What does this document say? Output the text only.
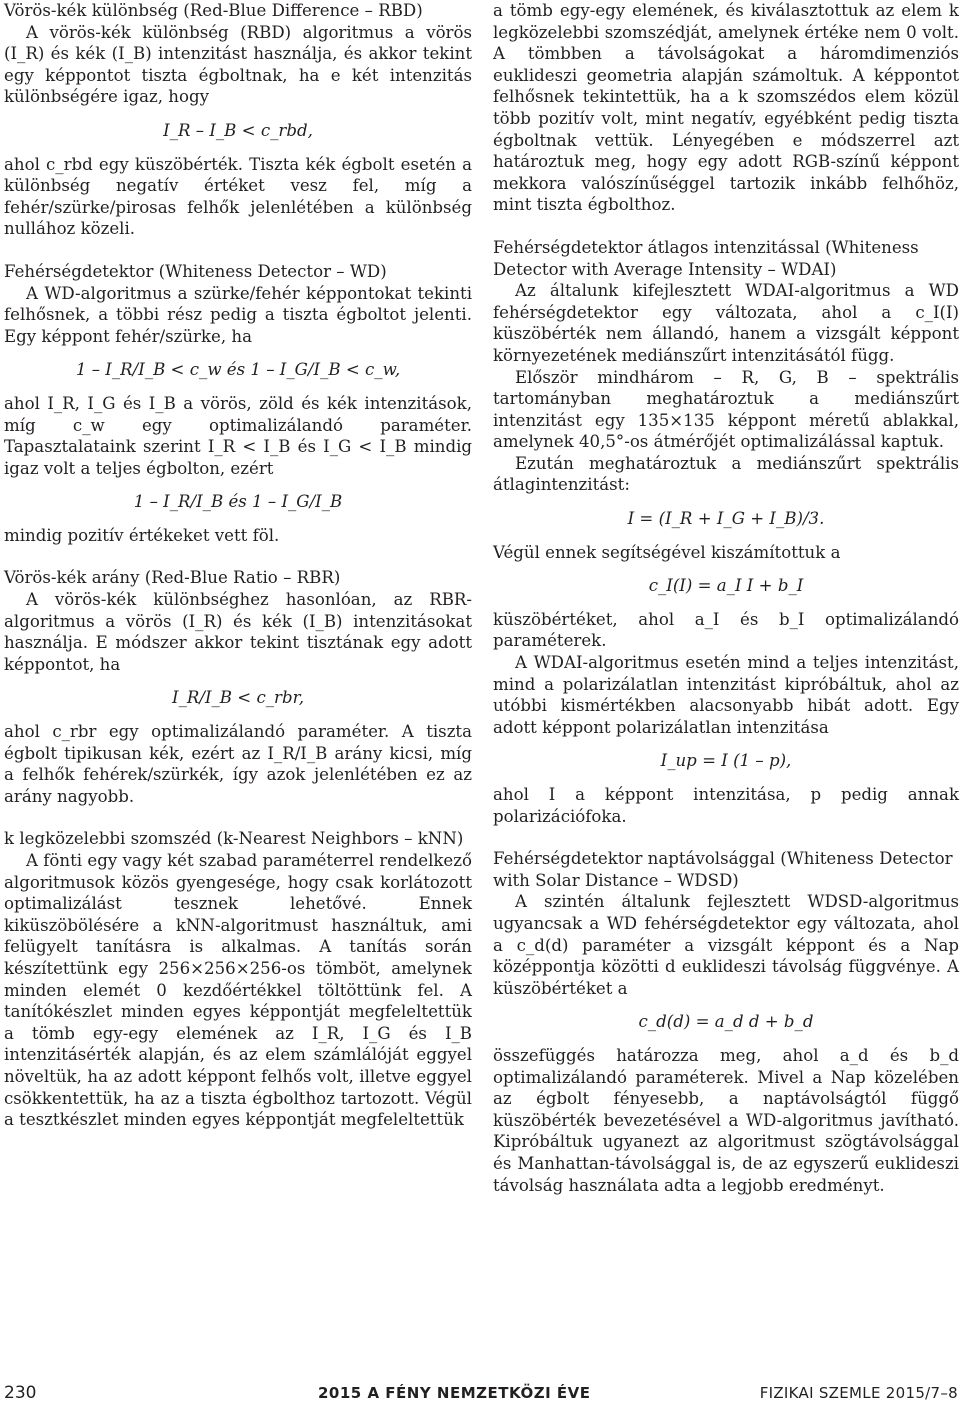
Vörös-kék különbség (Red-Blue Difference – RBD)

A vörös-kék különbség (RBD) algoritmus a vörös (I_R) és kék (I_B) intenzitást használja, és akkor tekint egy képpontot tiszta égboltnak, ha e két intenzitás különbségére igaz, hogy

I_R – I_B < c_rbd,

ahol c_rbd egy küszöbérték. Tiszta kék égbolt esetén a különbség negatív értéket vesz fel, míg a fehér/szürke/pirosas felhők jelenlétében a különbség nullához közeli.

Fehérségdetektor (Whiteness Detector – WD)

A WD-algoritmus a szürke/fehér képpontokat tekinti felhősnek, a többi rész pedig a tiszta égboltot jelenti. Egy képpont fehér/szürke, ha

1 – I_R/I_B < c_w és 1 – I_G/I_B < c_w,

ahol I_R, I_G és I_B a vörös, zöld és kék intenzitások, míg c_w egy optimalizálandó paraméter. Tapasztalataink szerint I_R < I_B és I_G < I_B mindig igaz volt a teljes égbolton, ezért

1 – I_R/I_B és 1 – I_G/I_B

mindig pozitív értékeket vett föl.

Vörös-kék arány (Red-Blue Ratio – RBR)

A vörös-kék különbséghez hasonlóan, az RBR-algoritmus a vörös (I_R) és kék (I_B) intenzitásokat használja. E módszer akkor tekint tisztának egy adott képpontot, ha

I_R/I_B < c_rbr,

ahol c_rbr egy optimalizálandó paraméter. A tiszta égbolt tipikusan kék, ezért az I_R/I_B arány kicsi, míg a felhők fehérek/szürkék, így azok jelenlétében ez az arány nagyobb.

k legközelebbi szomszéd (k-Nearest Neighbors – kNN)

A fönti egy vagy két szabad paraméterrel rendelkező algoritmusok közös gyengesége, hogy csak korlátozott optimalizálást tesznek lehetővé. Ennek kiküszöbölésére a kNN-algoritmust használtuk, ami felügyelt tanításra is alkalmas. A tanítás során készítettünk egy 256×256×256-os tömböt, amelynek minden elemét 0 kezdőértékkel töltöttünk fel. A tanítókészlet minden egyes képpontját megfeleltettük a tömb egy-egy elemének az I_R, I_G és I_B intenzitásérték alapján, és az elem számlálóját eggyel növeltük, ha az adott képpont felhős volt, illetve eggyel csökkentettük, ha az a tiszta égbolthoz tartozott. Végül a tesztkészlet minden egyes képpontját megfeleltettük

a tömb egy-egy elemének, és kiválasztottuk az elem k legközelebbi szomszédját, amelynek értéke nem 0 volt. A tömbben a távolságokat a háromdimenziós euklideszi geometria alapján számoltuk. A képpontot felhősnek tekintettük, ha a k szomszédos elem közül több pozitív volt, mint negatív, egyébként pedig tiszta égboltnak vettük. Lényegében e módszerrel azt határoztuk meg, hogy egy adott RGB-színű képpont mekkora valószínűséggel tartozik inkább felhőhöz, mint tiszta égbolthoz.

Fehérségdetektor átlagos intenzitással (Whiteness Detector with Average Intensity – WDAI)

Az általunk kifejlesztett WDAI-algoritmus a WD fehérségdetektor egy változata, ahol a c_I(I) küszöbérték nem állandó, hanem a vizsgált képpont környezetének mediánszűrt intenzitásától függ.

Először mindhárom – R, G, B – spektrális tartományban meghatároztuk a mediánszűrt intenzitást egy 135×135 képpont méretű ablakkal, amelynek 40,5°-os átmérőjét optimalizálással kaptuk.

Ezután meghatároztuk a mediánszűrt spektrális átlagintenzitást:

I = (I_R + I_G + I_B)/3.

Végül ennek segítségével kiszámítottuk a

c_I(I) = a_I I + b_I

küszöbértéket, ahol a_I és b_I optimalizálandó paraméterek.

A WDAI-algoritmus esetén mind a teljes intenzitást, mind a polarizálatlan intenzitást kipróbáltuk, ahol az utóbbi kismértékben alacsonyabb hibát adott. Egy adott képpont polarizálatlan intenzitása

I_up = I (1 – p),

ahol I a képpont intenzitása, p pedig annak polarizációfoka.

Fehérségdetektor naptávolsággal (Whiteness Detector with Solar Distance – WDSD)

A szintén általunk fejlesztett WDSD-algoritmus ugyancsak a WD fehérségdetektor egy változata, ahol a c_d(d) paraméter a vizsgált képpont és a Nap középpontja közötti d euklideszi távolság függvénye. A küszöbértéket a

c_d(d) = a_d d + b_d

összefüggés határozza meg, ahol a_d és b_d optimalizálandó paraméterek. Mivel a Nap közelében az égbolt fényesebb, a naptávolságtól függő küszöbérték bevezetésével a WD-algoritmus javítható. Kipróbáltuk ugyanezt az algoritmust szögtávolsággal és Manhattan-távolsággal is, de az egyszerű euklideszi távolság használata adta a legjobb eredményt.

230	2015 A FÉNY NEMZETKÖZI ÉVE	FIZIKAI SZEMLE 2015/7–8
